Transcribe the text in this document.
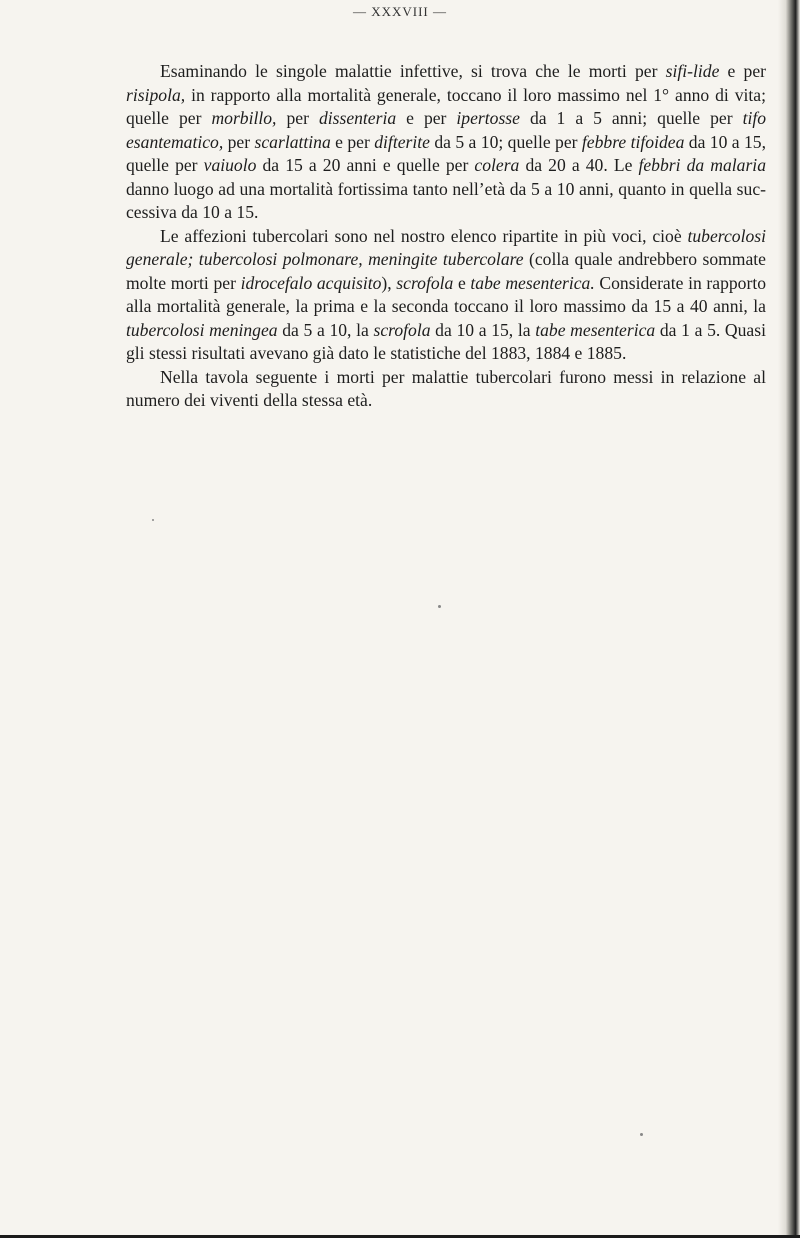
— XXXVIII —

Esaminando le singole malattie infettive, si trova che le morti per sifi-lide e per risipola, in rapporto alla mortalità generale, toccano il loro massimo nel 1° anno di vita; quelle per morbillo, per dissenteria e per ipertosse da 1 a 5 anni; quelle per tifo esantematico, per scarlattina e per difterite da 5 a 10; quelle per febbre tifoidea da 10 a 15, quelle per vaiuolo da 15 a 20 anni e quelle per colera da 20 a 40. Le febbri da malaria danno luogo ad una mortalità fortissima tanto nell’età da 5 a 10 anni, quanto in quella suc-cessiva da 10 a 15.

Le affezioni tubercolari sono nel nostro elenco ripartite in più voci, cioè tubercolosi generale; tubercolosi polmonare, meningite tubercolare (colla quale andrebbero sommate molte morti per idrocefalo acquisito), scrofola e tabe mesenterica. Considerate in rapporto alla mortalità generale, la prima e la seconda toccano il loro massimo da 15 a 40 anni, la tubercolosi meningea da 5 a 10, la scrofola da 10 a 15, la tabe mesenterica da 1 a 5. Quasi gli stessi risultati avevano già dato le statistiche del 1883, 1884 e 1885.

Nella tavola seguente i morti per malattie tubercolari furono messi in relazione al numero dei viventi della stessa età.
